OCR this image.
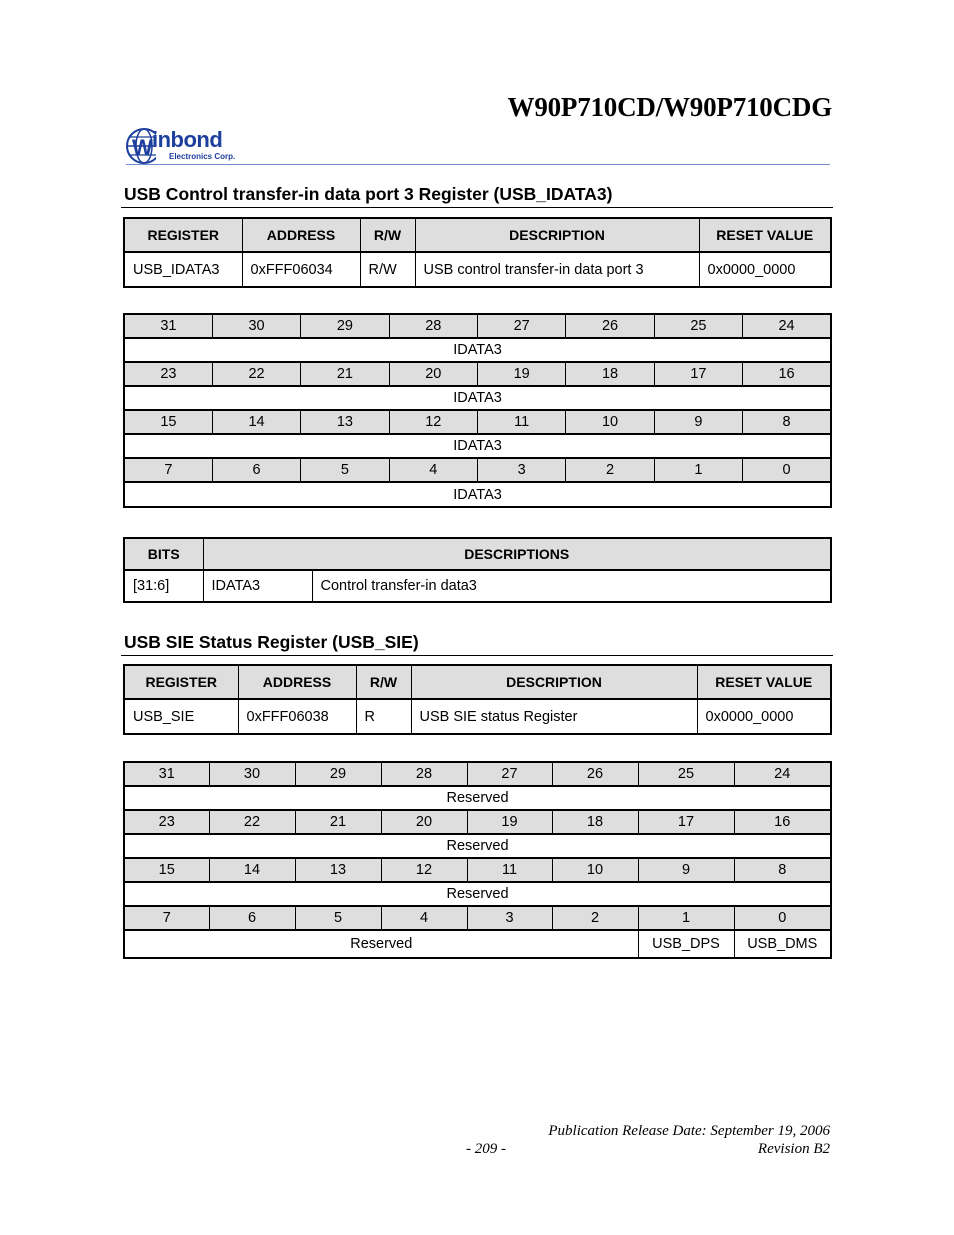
W90P710CD/W90P710CDG
W inbond
Electronics Corp.
USB Control transfer-in data port 3 Register (USB_IDATA3)
REGISTER	ADDRESS	R/W	DESCRIPTION	RESET VALUE
USB_IDATA3	0xFFF06034	R/W	USB control transfer-in data port 3	0x0000_0000
31	30	29	28	27	26	25	24
IDATA3							
23	22	21	20	19	18	17	16
IDATA3							
15	14	13	12	11	10	9	8
IDATA3							
7	6	5	4	3	2	1	0
IDATA3							
BITS	DESCRIPTIONS	
[31:6]	IDATA3	Control transfer-in data3
USB SIE Status Register (USB_SIE)
REGISTER	ADDRESS	R/W	DESCRIPTION	RESET VALUE
USB_SIE	0xFFF06038	R	USB SIE status Register	0x0000_0000
31	30	29	28	27	26	25	24
Reserved							
23	22	21	20	19	18	17	16
Reserved							
15	14	13	12	11	10	9	8
Reserved							
7	6	5	4	3	2	1	0
Reserved						USB_DPS	USB_DMS
Publication Release Date: September 19, 2006
- 209 -	Revision B2
